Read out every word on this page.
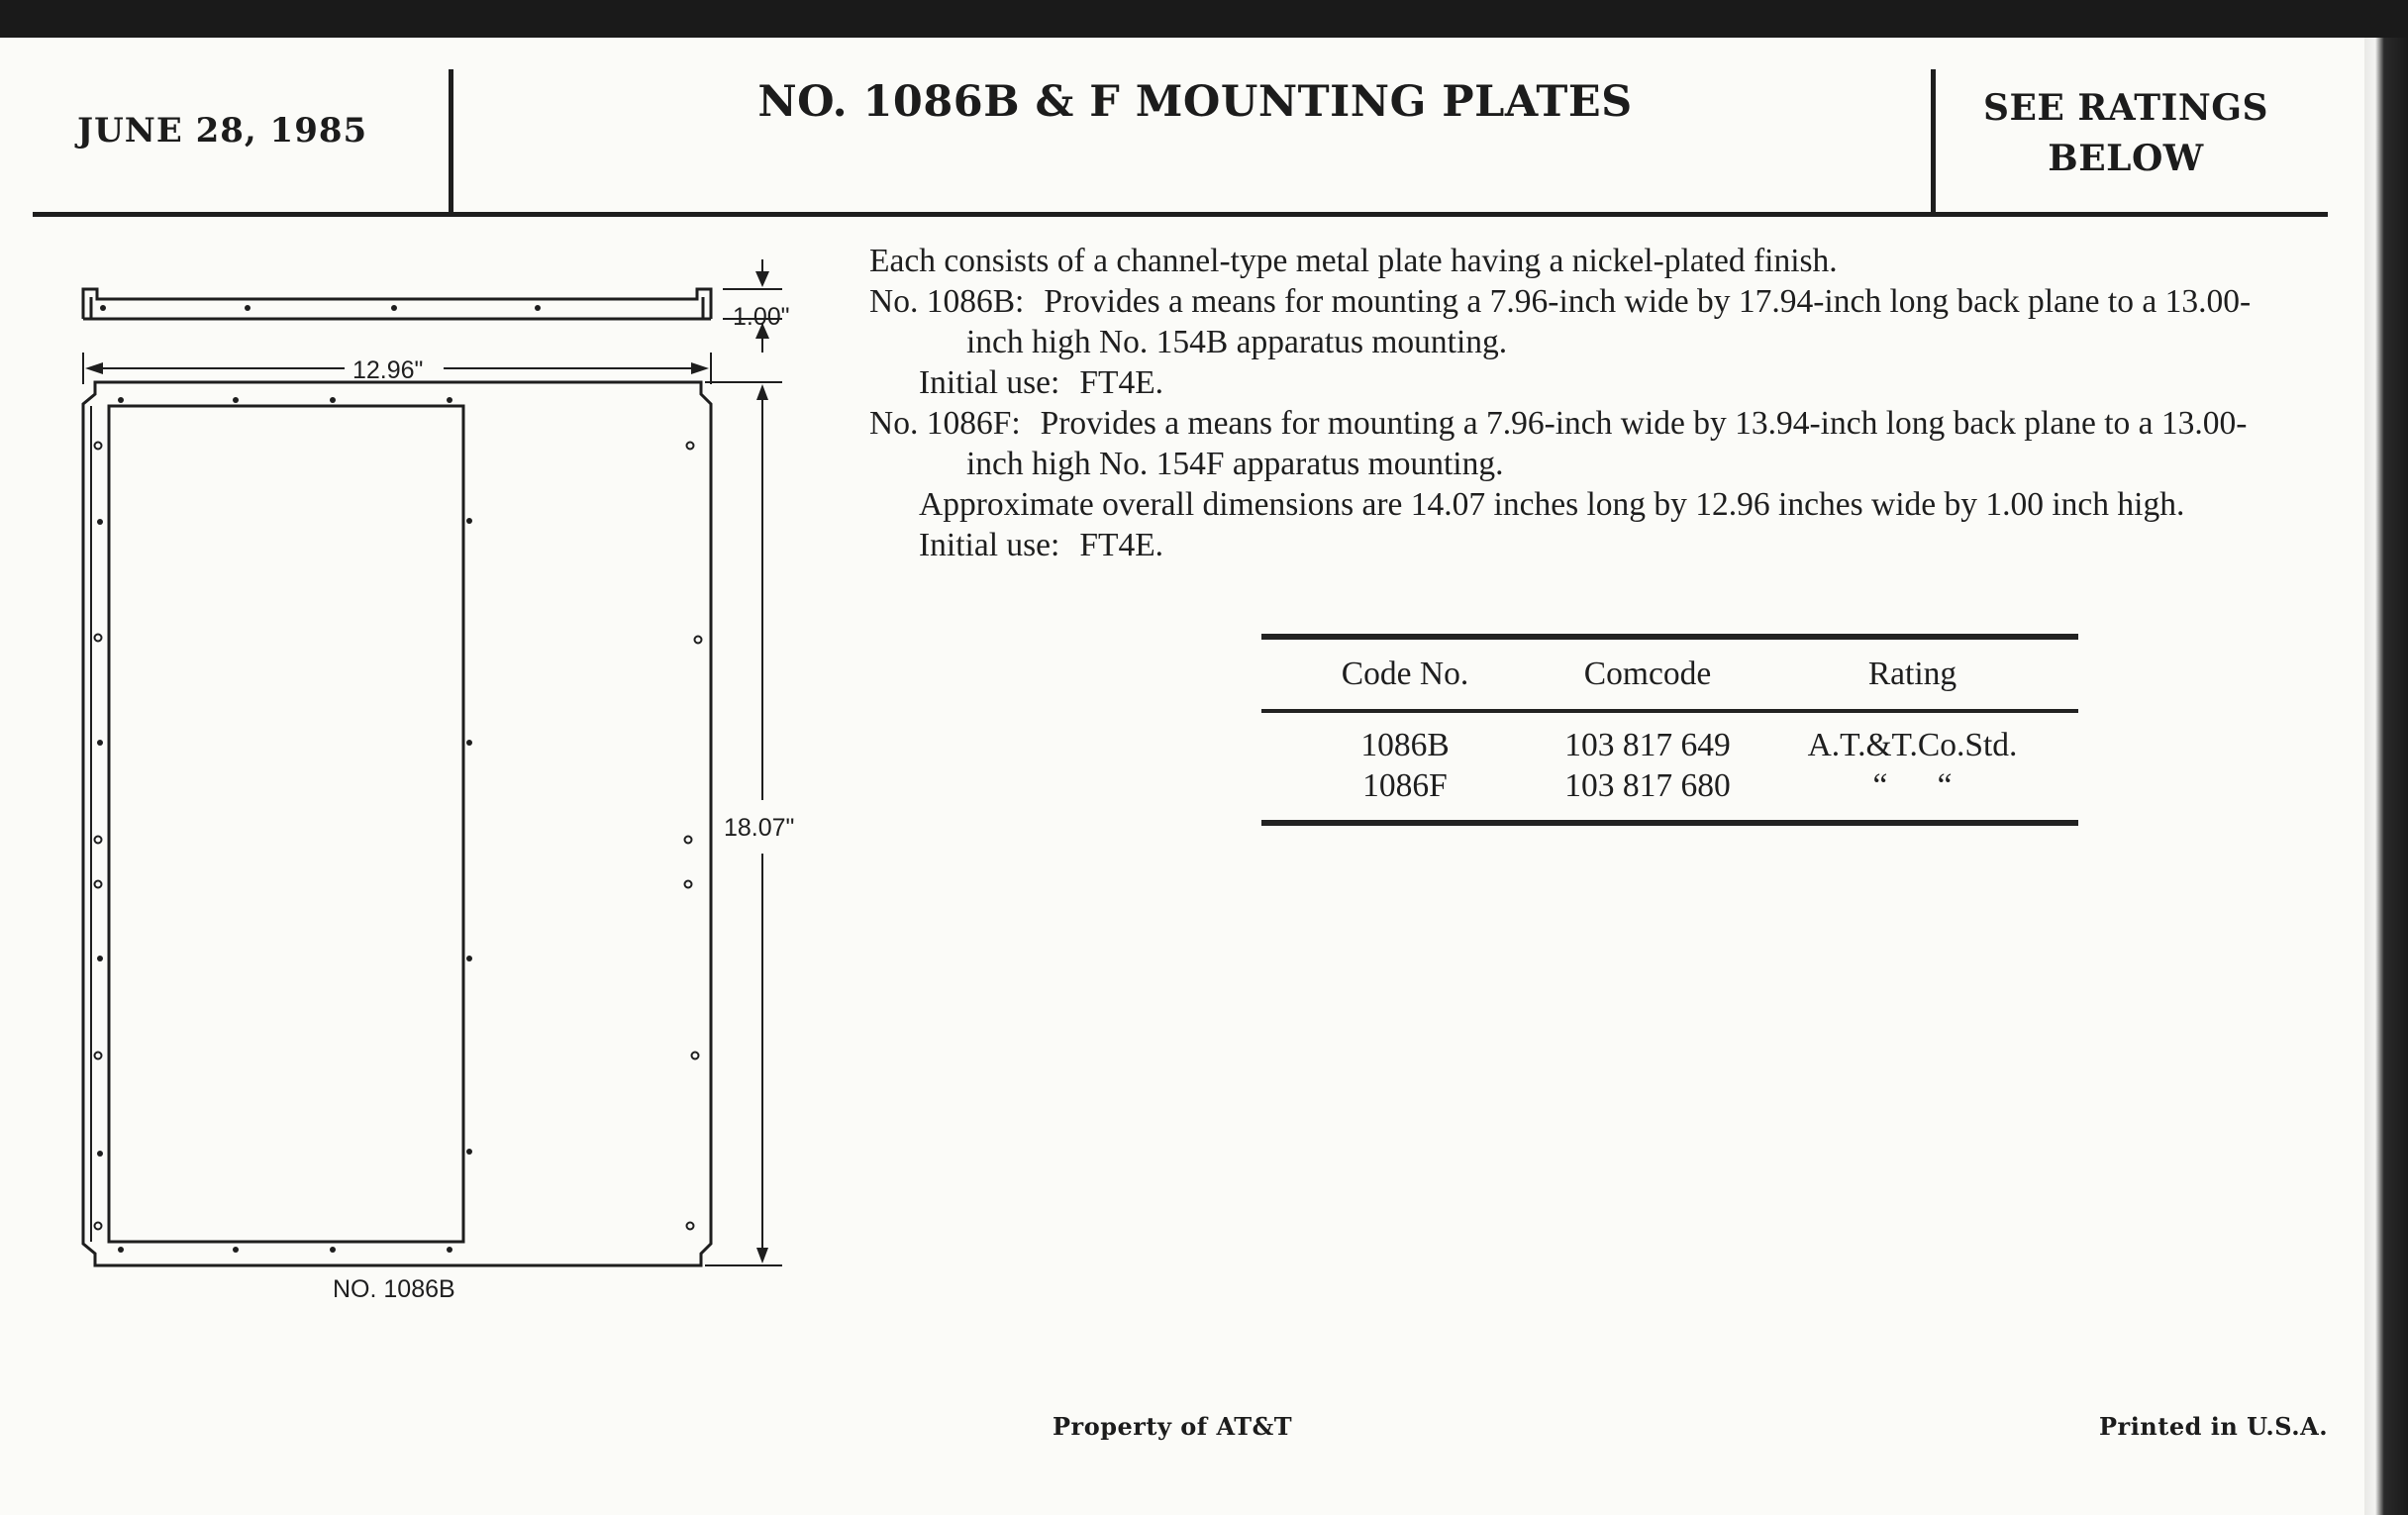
JUNE 28, 1985
NO. 1086B & F MOUNTING PLATES	SEE RATINGS
BELOW
1.00"
12.96"
18.07"
NO. 1086B

Each consists of a channel-type metal plate having a nickel-plated finish.

No. 1086B: Provides a means for mounting a 7.96-inch wide by 17.94-inch long back plane to a 13.00-inch high No. 154B apparatus mounting.

Initial use: FT4E.

No. 1086F: Provides a means for mounting a 7.96-inch wide by 13.94-inch long back plane to a 13.00-inch high No. 154F apparatus mounting.

Approximate overall dimensions are 14.07 inches long by 12.96 inches wide by 1.00 inch high.

Initial use: FT4E.

Code No.	Comcode	Rating
1086B	103 817 649	A.T.&T.Co.Std.
1086F	103 817 680	“      “
Property of AT&T	Printed in U.S.A.
